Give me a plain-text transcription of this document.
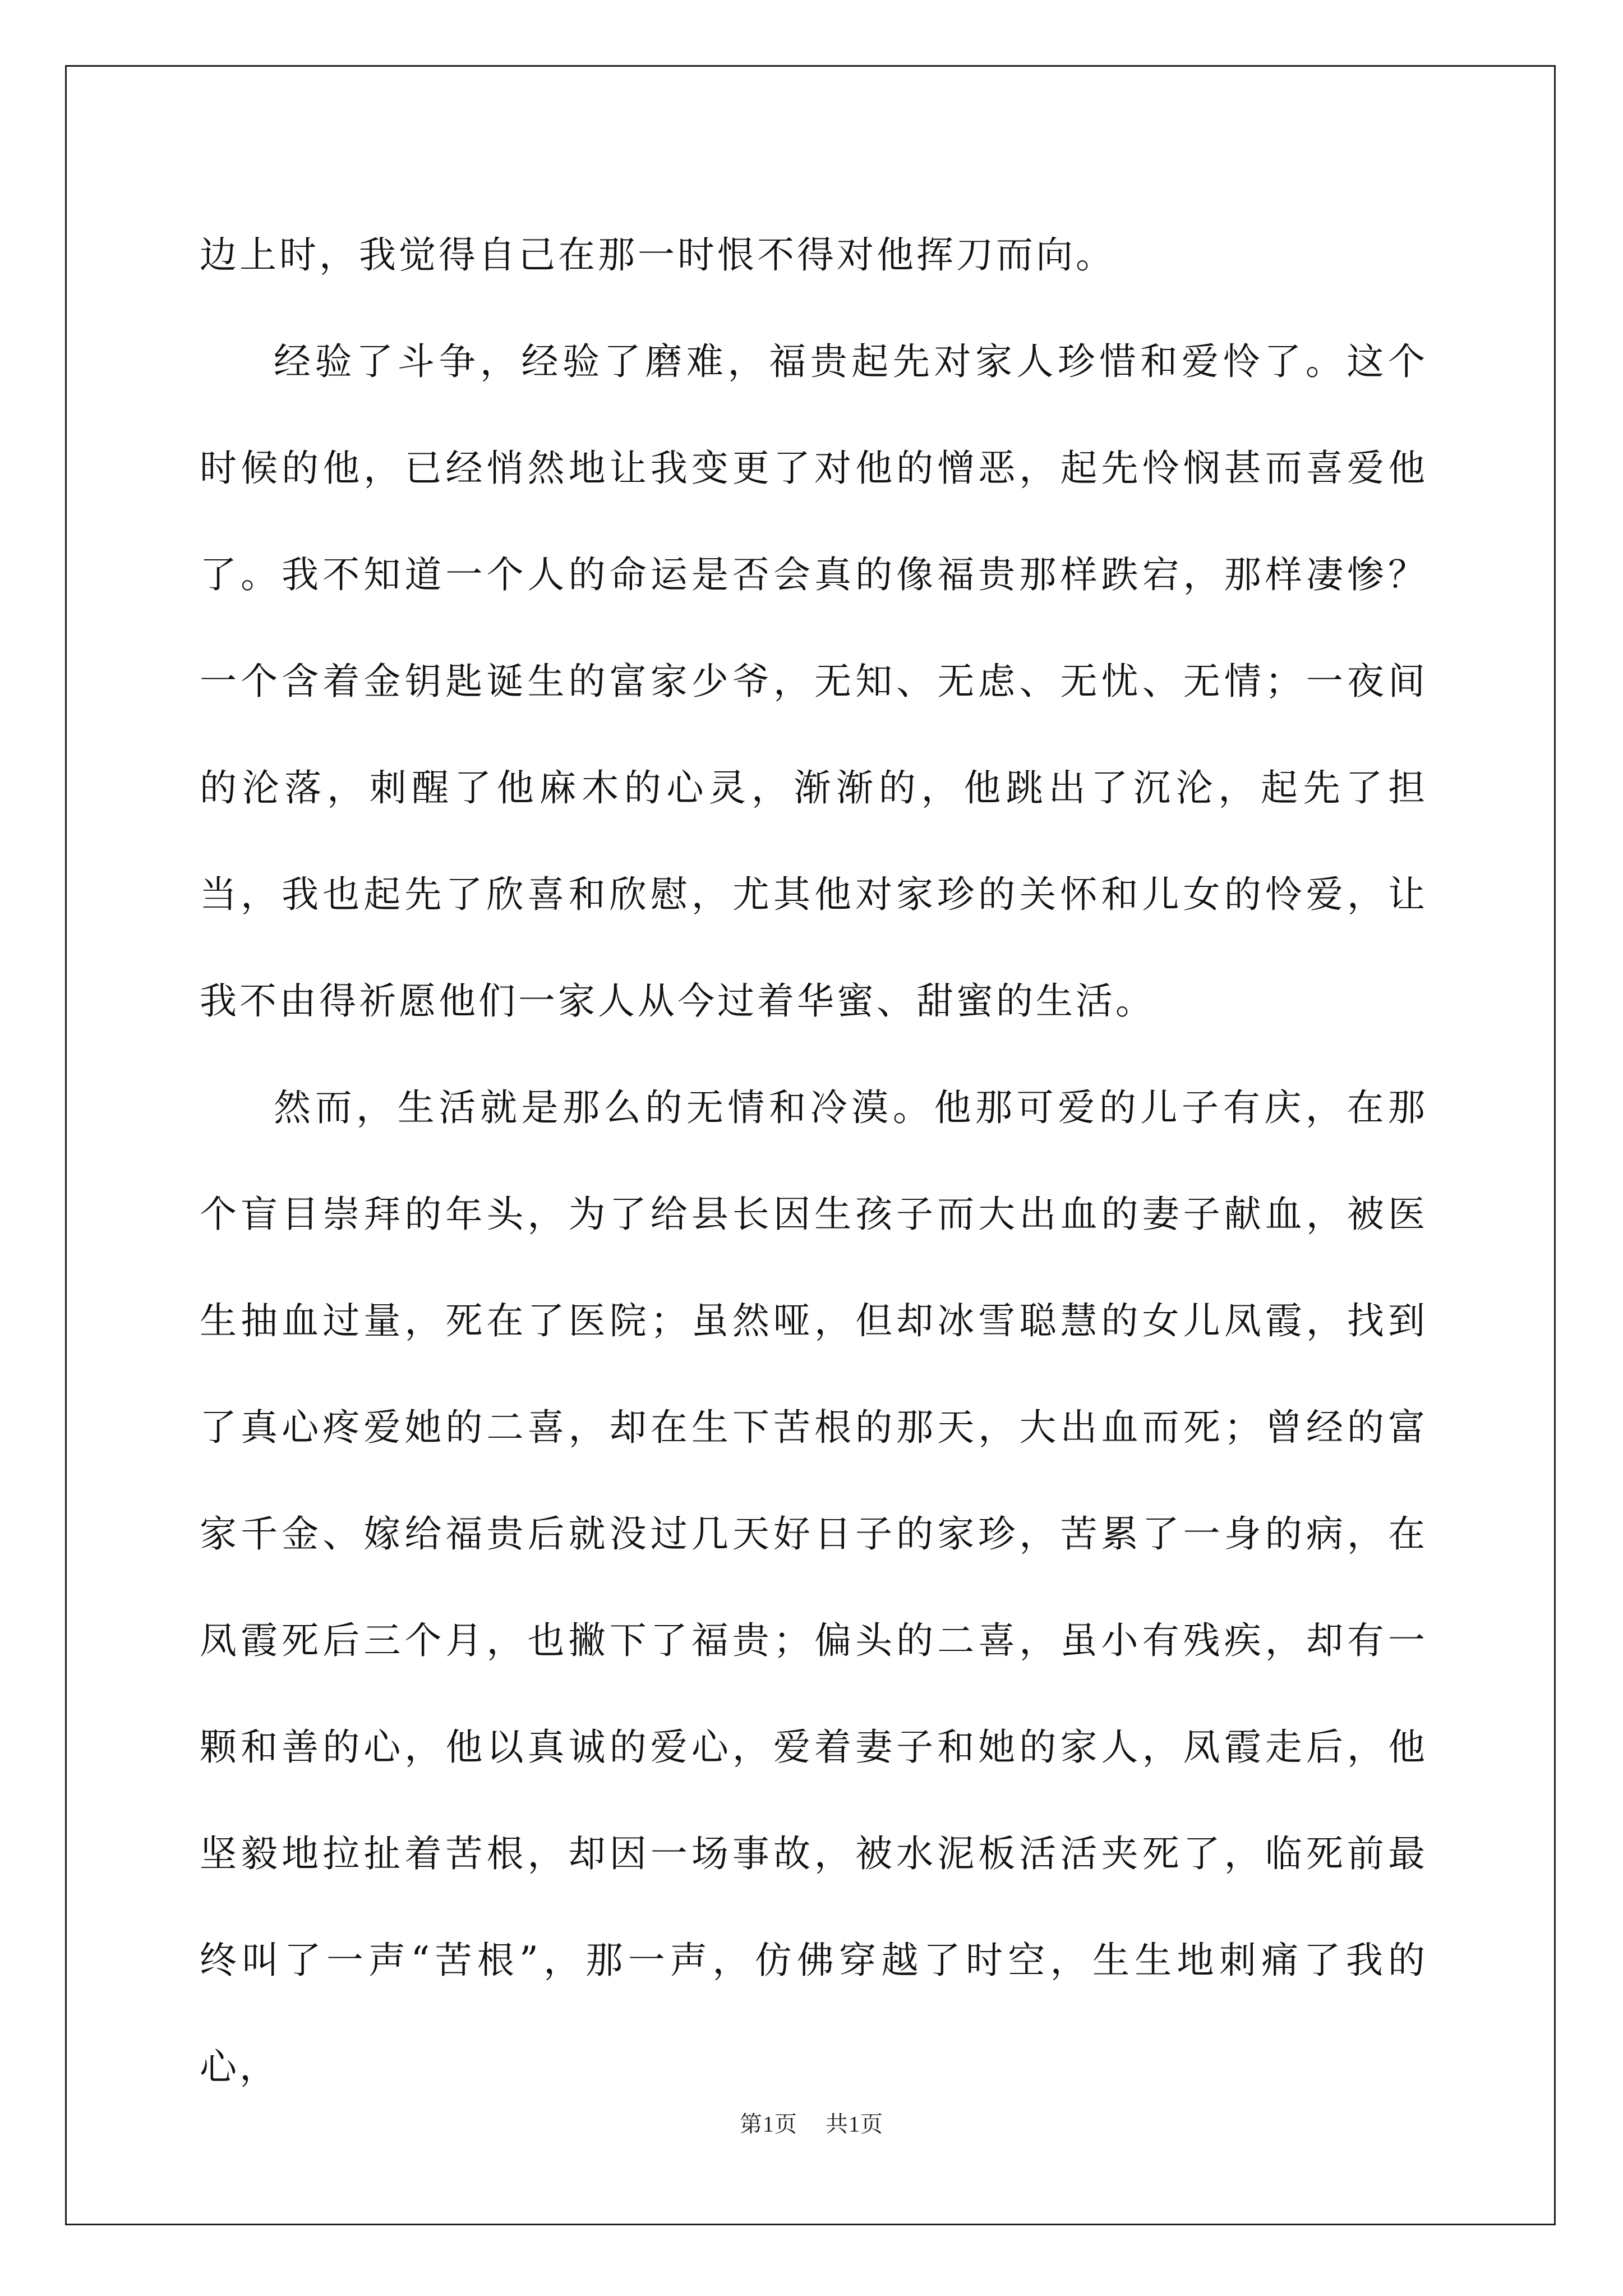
边上时，我觉得自己在那一时恨不得对他挥刀而向。

经验了斗争，经验了磨难，福贵起先对家人珍惜和爱怜了。这个时候的他，已经悄然地让我变更了对他的憎恶，起先怜悯甚而喜爱他了。我不知道一个人的命运是否会真的像福贵那样跌宕，那样凄惨？一个含着金钥匙诞生的富家少爷，无知、无虑、无忧、无情；一夜间的沦落，刺醒了他麻木的心灵，渐渐的，他跳出了沉沦，起先了担当，我也起先了欣喜和欣慰，尤其他对家珍的关怀和儿女的怜爱，让我不由得祈愿他们一家人从今过着华蜜、甜蜜的生活。

然而，生活就是那么的无情和冷漠。他那可爱的儿子有庆，在那个盲目崇拜的年头，为了给县长因生孩子而大出血的妻子献血，被医生抽血过量，死在了医院；虽然哑，但却冰雪聪慧的女儿凤霞，找到了真心疼爱她的二喜，却在生下苦根的那天，大出血而死；曾经的富家千金、嫁给福贵后就没过几天好日子的家珍，苦累了一身的病，在凤霞死后三个月，也撇下了福贵；偏头的二喜，虽小有残疾，却有一颗和善的心，他以真诚的爱心，爱着妻子和她的家人，凤霞走后，他坚毅地拉扯着苦根，却因一场事故，被水泥板活活夹死了，临死前最终叫了一声“苦根”，那一声，仿佛穿越了时空，生生地刺痛了我的心，

第1页 共1页
